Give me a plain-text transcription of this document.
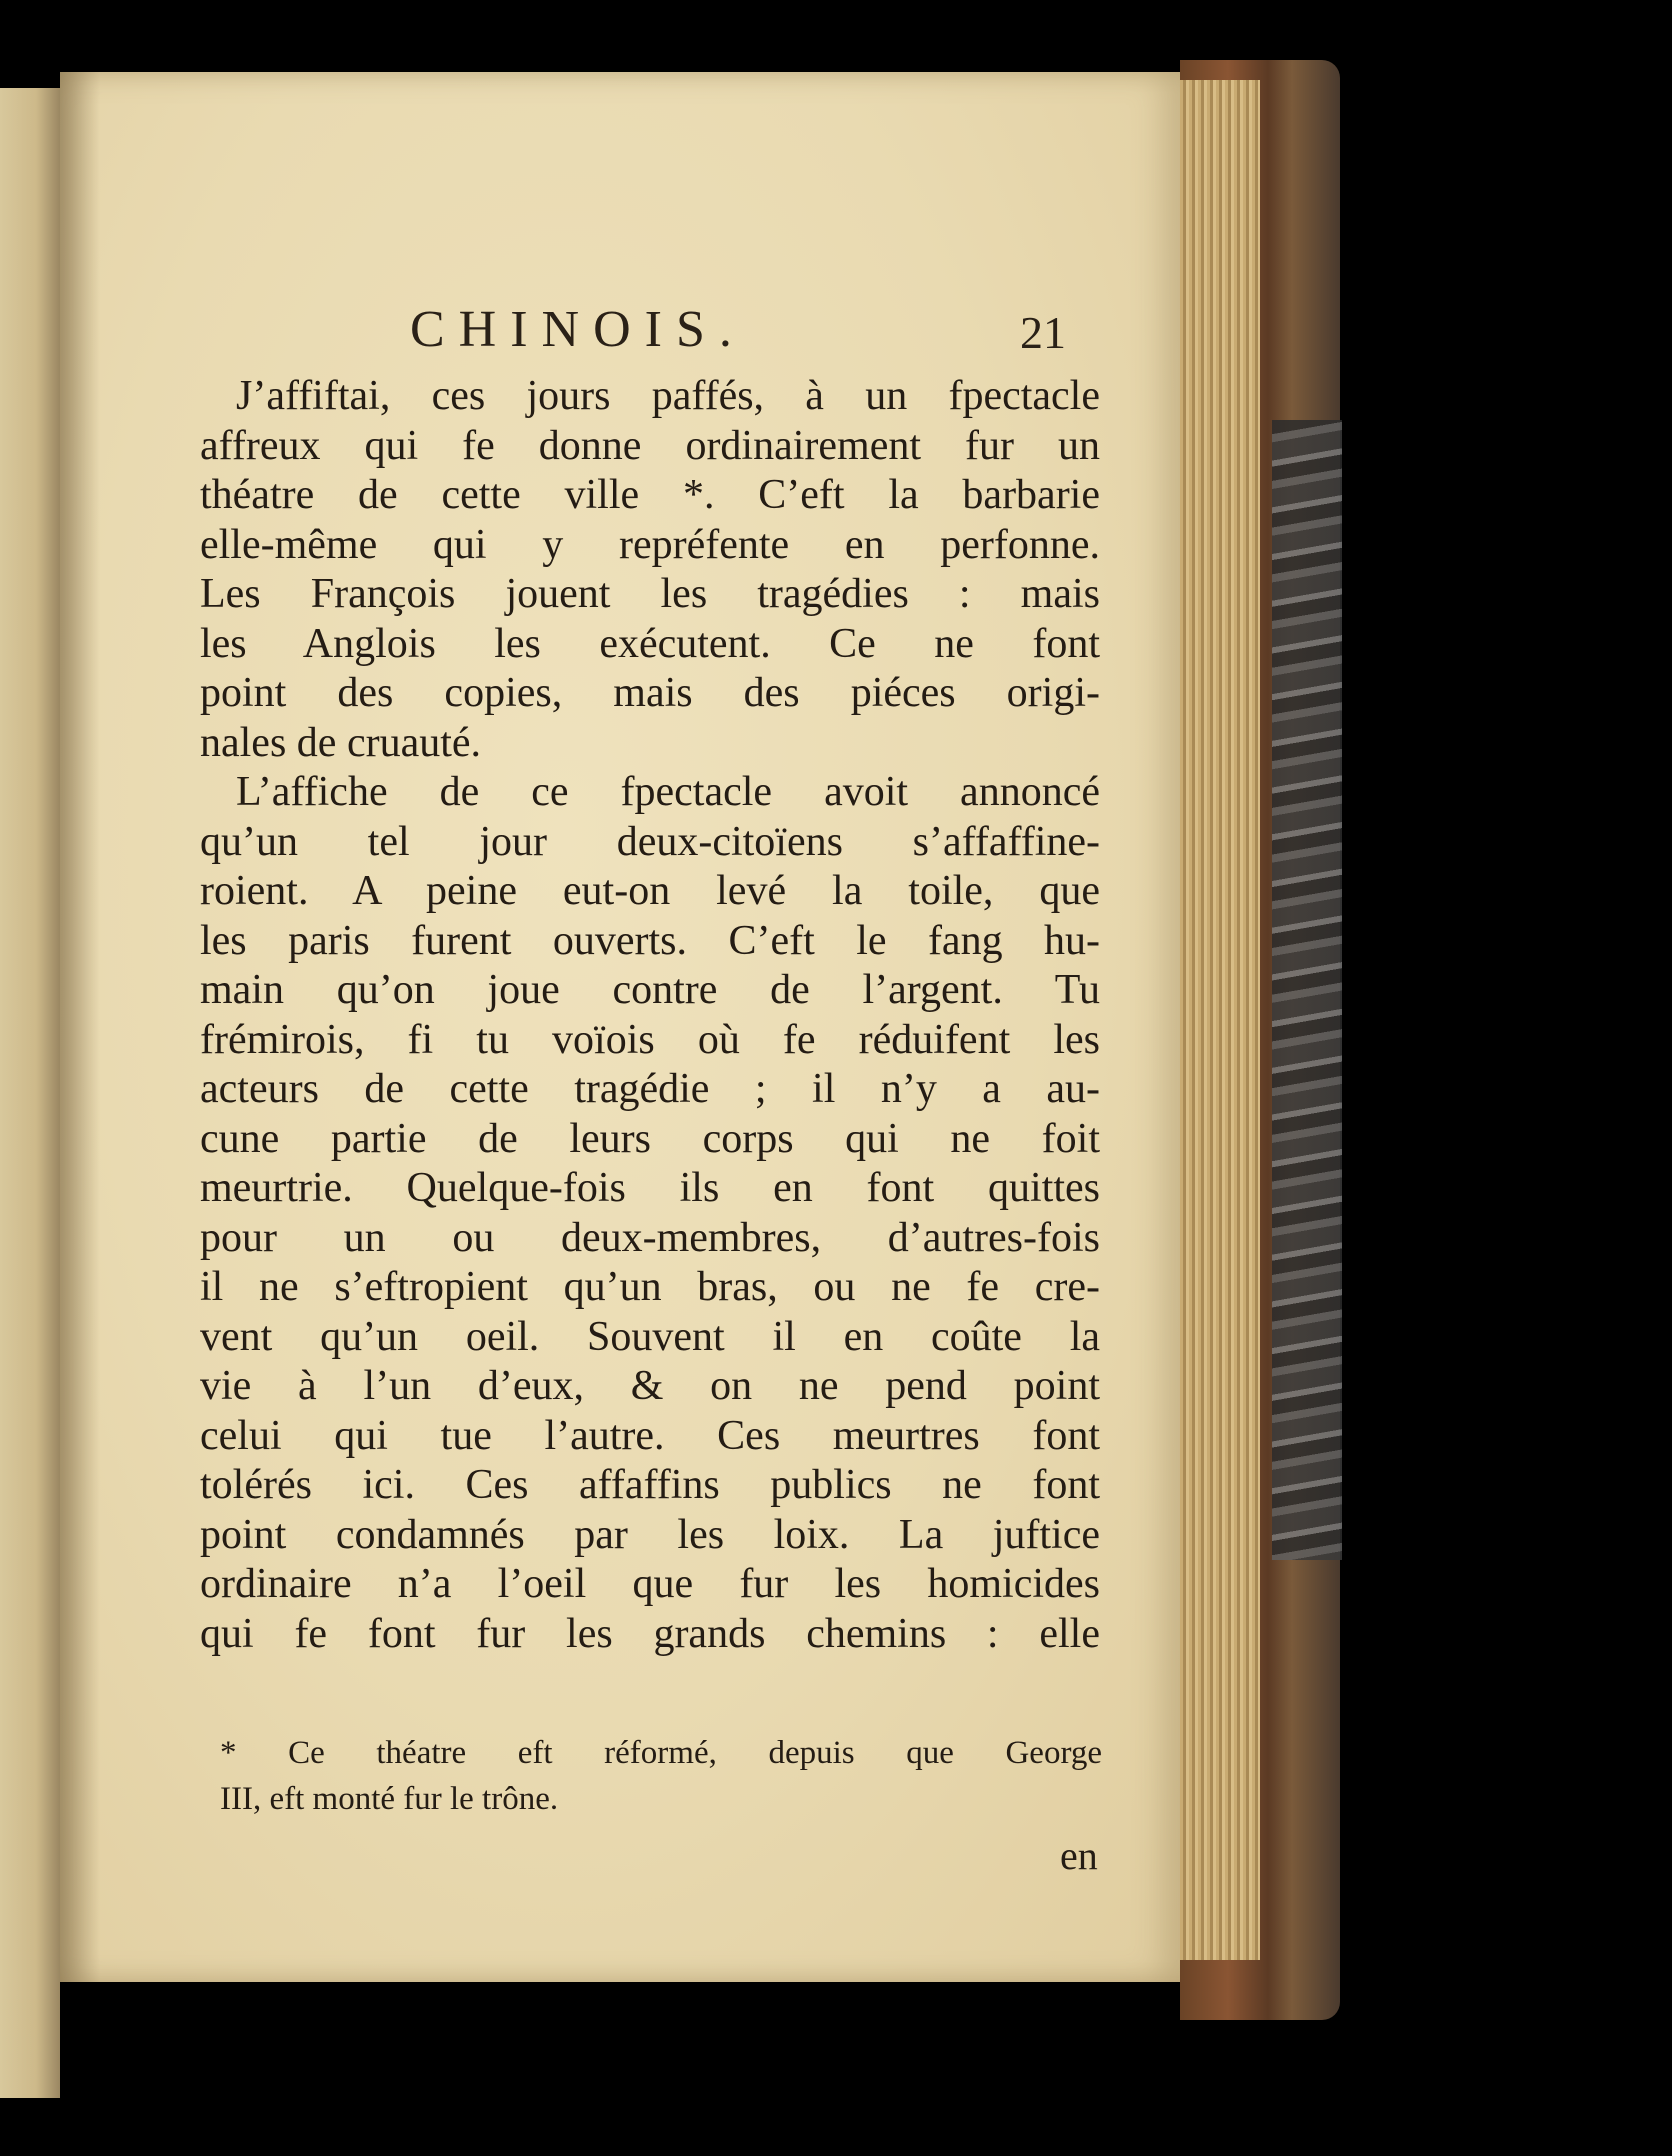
CHINOIS.	21
J’affiftai, ces jours paffés, à un fpectacle
affreux qui fe donne ordinairement fur un
théatre de cette ville *. C’eft la barbarie
elle-même qui y repréfente en perfonne.
Les François jouent les tragédies : mais
les Anglois les exécutent. Ce ne font
point des copies, mais des piéces origi-
nales de cruauté.
L’affiche de ce fpectacle avoit annoncé
qu’un tel jour deux-citoïens s’affaffine-
roient. A peine eut-on levé la toile, que
les paris furent ouverts. C’eft le fang hu-
main qu’on joue contre de l’argent. Tu
frémirois, fi tu voïois où fe réduifent les
acteurs de cette tragédie ; il n’y a au-
cune partie de leurs corps qui ne foit
meurtrie. Quelque-fois ils en font quittes
pour un ou deux-membres, d’autres-fois
il ne s’eftropient qu’un bras, ou ne fe cre-
vent qu’un oeil. Souvent il en coûte la
vie à l’un d’eux, & on ne pend point
celui qui tue l’autre. Ces meurtres font
tolérés ici. Ces affaffins publics ne font
point condamnés par les loix. La juftice
ordinaire n’a l’oeil que fur les homicides
qui fe font fur les grands chemins : elle
* Ce théatre eft réformé, depuis que George
III, eft monté fur le trône.
en
